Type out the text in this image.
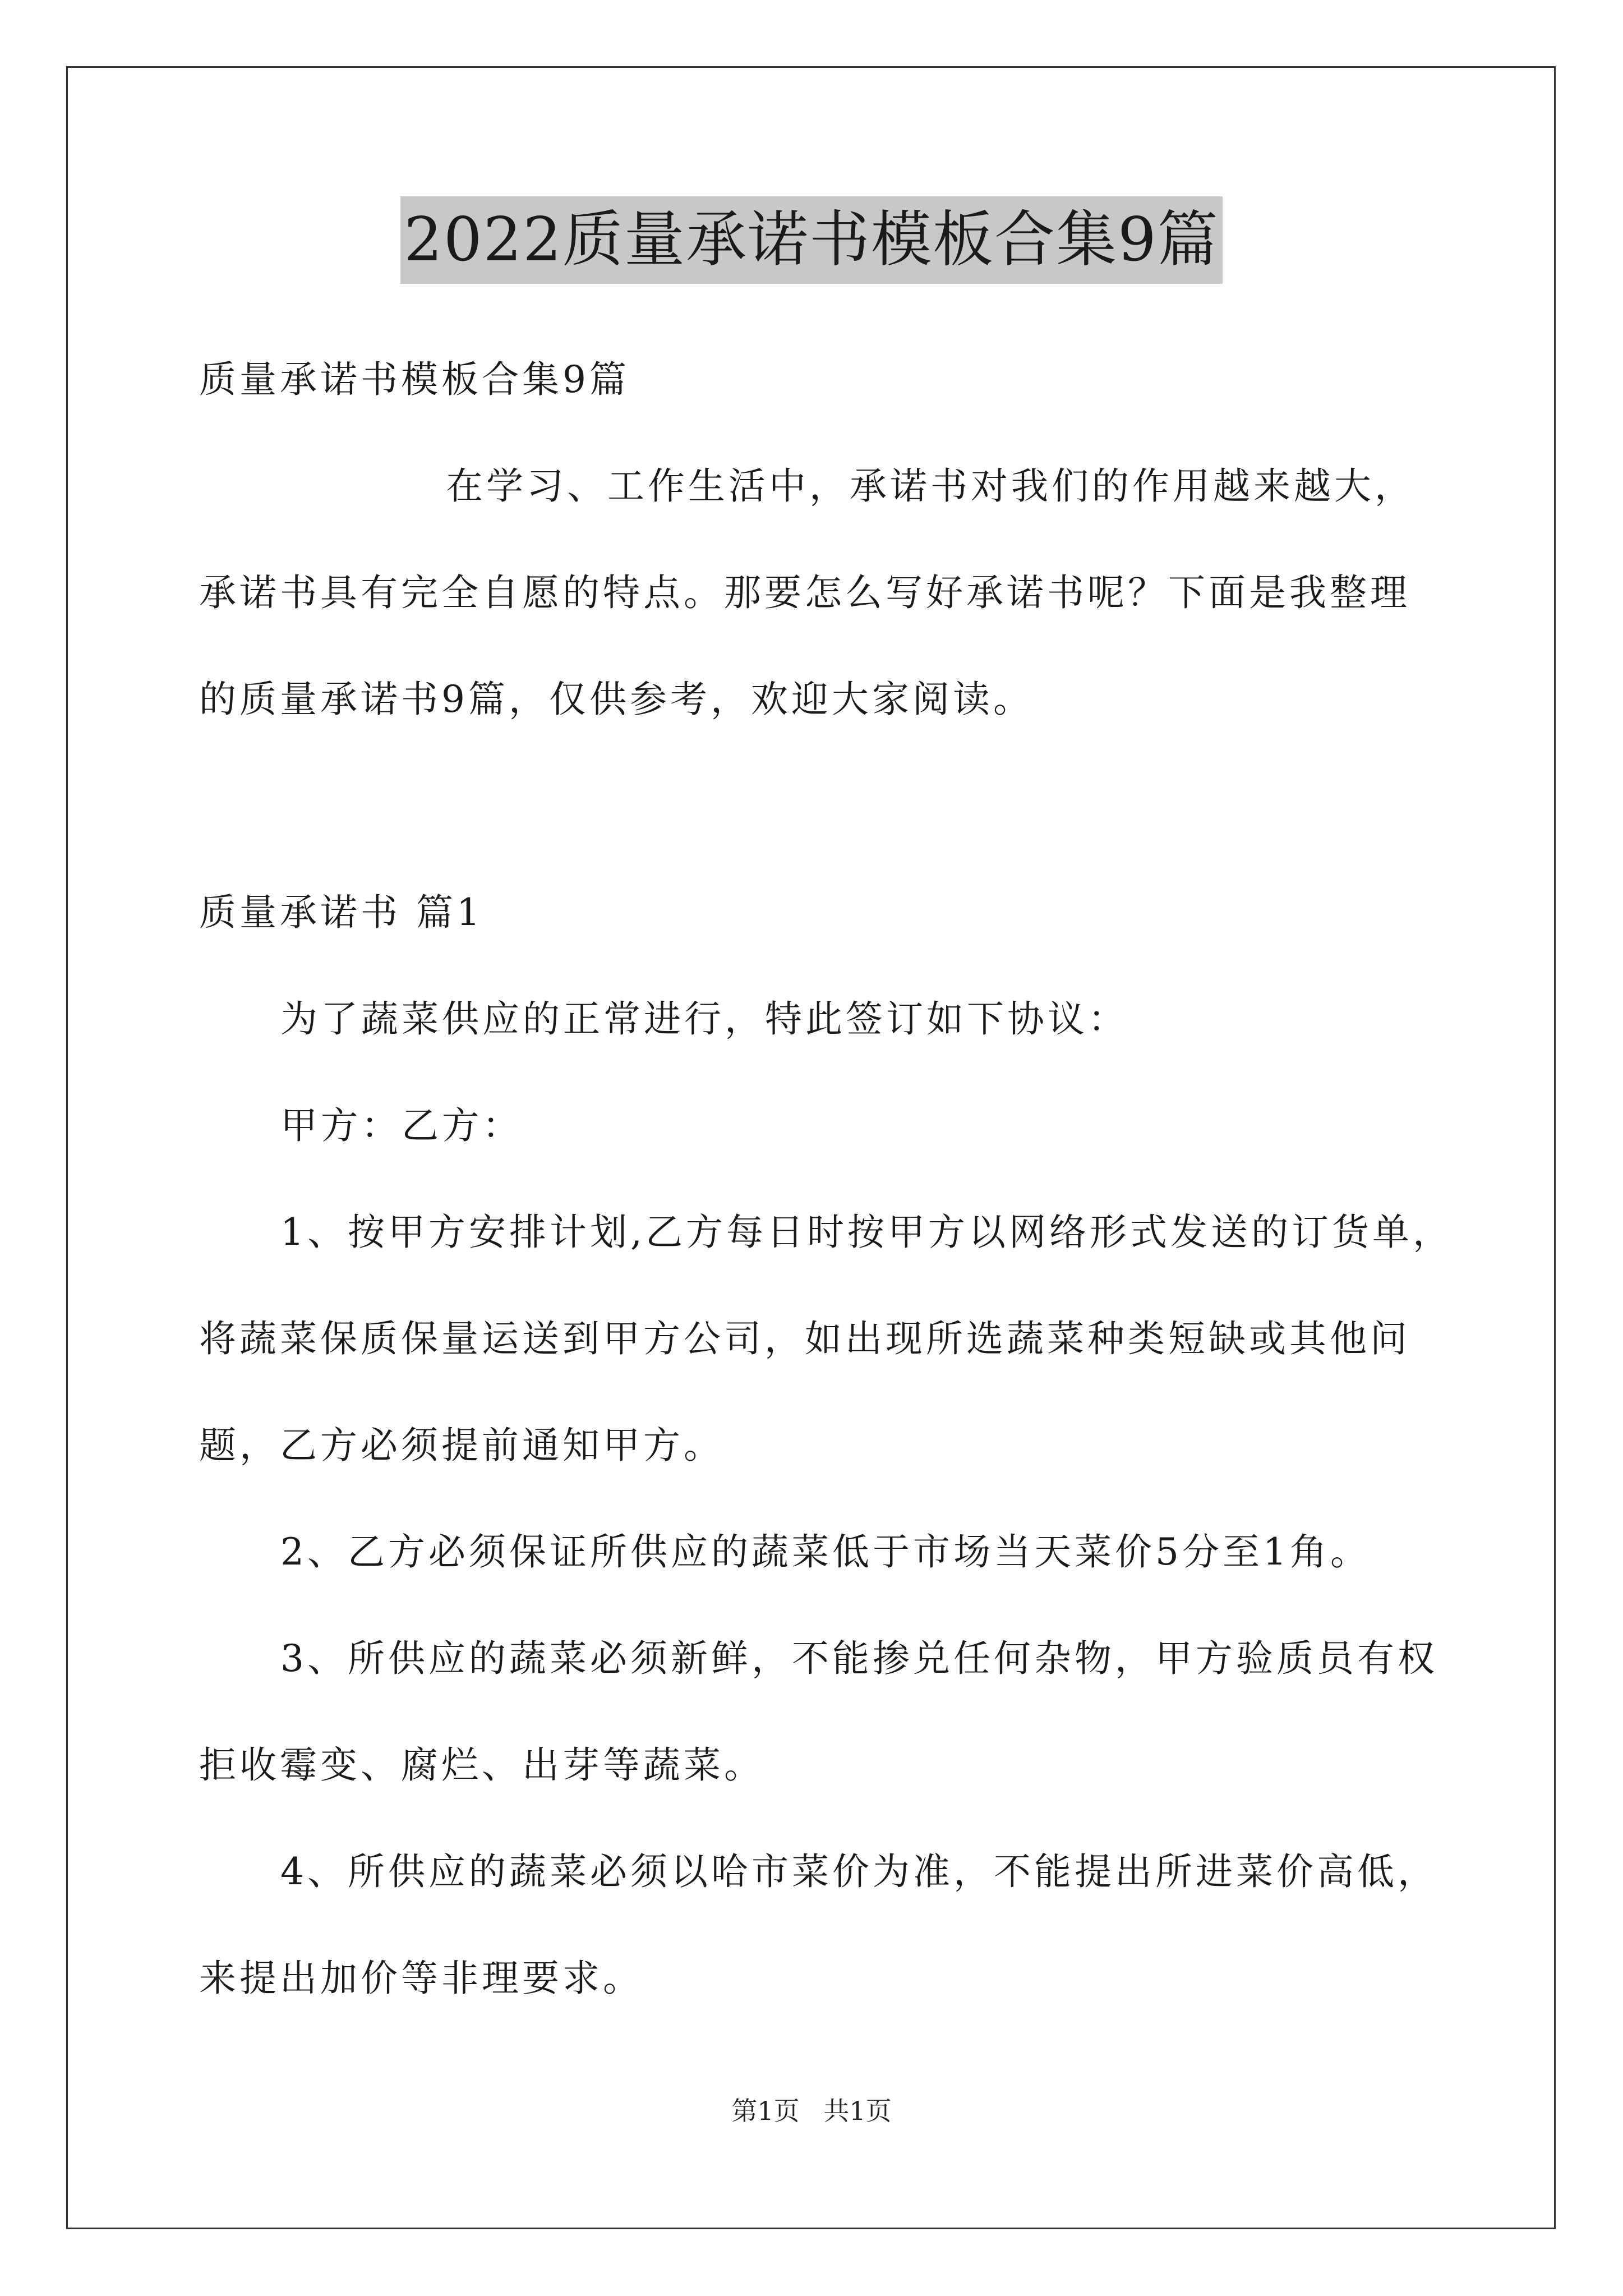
2022质量承诺书模板合集9篇
质量承诺书模板合集9篇
在学习、工作生活中，承诺书对我们的作用越来越大，
承诺书具有完全自愿的特点。那要怎么写好承诺书呢？下面是我整理
的质量承诺书9篇，仅供参考，欢迎大家阅读。
质量承诺书 篇1
为了蔬菜供应的正常进行，特此签订如下协议：
甲方：乙方：
1、按甲方安排计划,乙方每日时按甲方以网络形式发送的订货单，
将蔬菜保质保量运送到甲方公司，如出现所选蔬菜种类短缺或其他问
题，乙方必须提前通知甲方。
2、乙方必须保证所供应的蔬菜低于市场当天菜价5分至1角。
3、所供应的蔬菜必须新鲜，不能掺兑任何杂物，甲方验质员有权
拒收霉变、腐烂、出芽等蔬菜。
4、所供应的蔬菜必须以哈市菜价为准，不能提出所进菜价高低，
来提出加价等非理要求。
第1页 共1页
